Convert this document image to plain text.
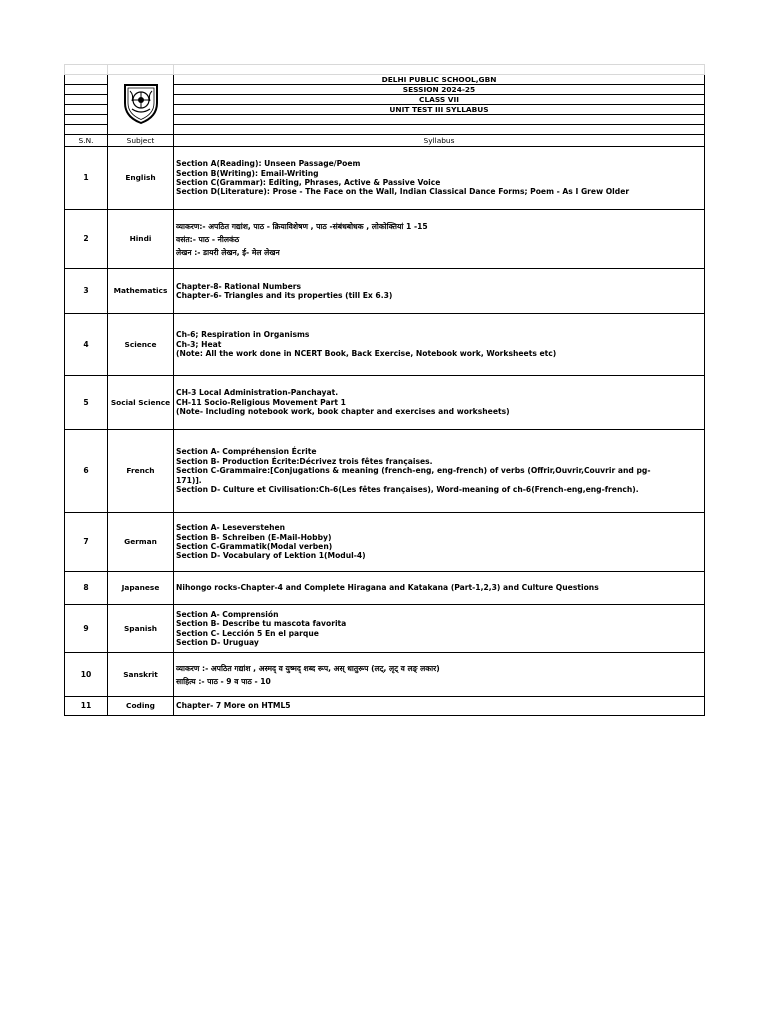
		DELHI PUBLIC SCHOOL,GBN
		SESSION 2024-25
		CLASS VII
		UNIT TEST III SYLLABUS

S.N.	Subject	Syllabus
1	English	Section A(Reading): Unseen Passage/Poem
Section B(Writing): Email-Writing
Section C(Grammar): Editing, Phrases, Active & Passive Voice
Section D(Literature): Prose - The Face on the Wall, Indian Classical Dance Forms; Poem - As I Grew Older

2	Hindi	व्याकरण:- अपठित गद्यांश, पाठ - क्रियाविशेषण , पाठ -संबंधबोधक , लोकोक्तियां 1 -15
वसंत:- पाठ - नीलकंठ
लेखन :- डायरी लेखन, ई- मेल लेखन

3	Mathematics	Chapter-8- Rational Numbers
Chapter-6- Triangles and its properties (till Ex 6.3)

4	Science	Ch-6; Respiration in Organisms
Ch-3; Heat
(Note: All the work done in NCERT Book, Back Exercise, Notebook work, Worksheets etc)

5	Social Science	CH-3 Local Administration-Panchayat.
CH-11 Socio-Religious Movement Part 1
(Note- Including notebook work, book chapter and exercises and worksheets)

6	French	Section A- Compréhension Écrite
Section B- Production Écrite:Décrivez trois fêtes françaises.
Section C-Grammaire:[Conjugations & meaning (french-eng, eng-french) of verbs (Offrir,Ouvrir,Couvrir and pg-
171)].
Section D- Culture et Civilisation:Ch-6(Les fêtes françaises), Word-meaning of ch-6(French-eng,eng-french).

7	German	Section A- Leseverstehen
Section B- Schreiben (E-Mail-Hobby)
Section C-Grammatik(Modal verben)
Section D- Vocabulary of Lektion 1(Modul-4)

8	Japanese	Nihongo rocks-Chapter-4 and Complete Hiragana and Katakana (Part-1,2,3) and Culture Questions

9	Spanish	Section A- Comprensión
Section B- Describe tu mascota favorita
Section C- Lección 5 En el parque
Section D- Uruguay

10	Sanskrit	व्याकरण :- अपठित गद्यांश , अस्मद् व युष्मद् शब्द रूप, अस् धातुरूप (लट्, लृट् व लङ् लकार)
साहित्य :- पाठ - 9 व पाठ - 10

11	Coding	Chapter- 7 More on HTML5
